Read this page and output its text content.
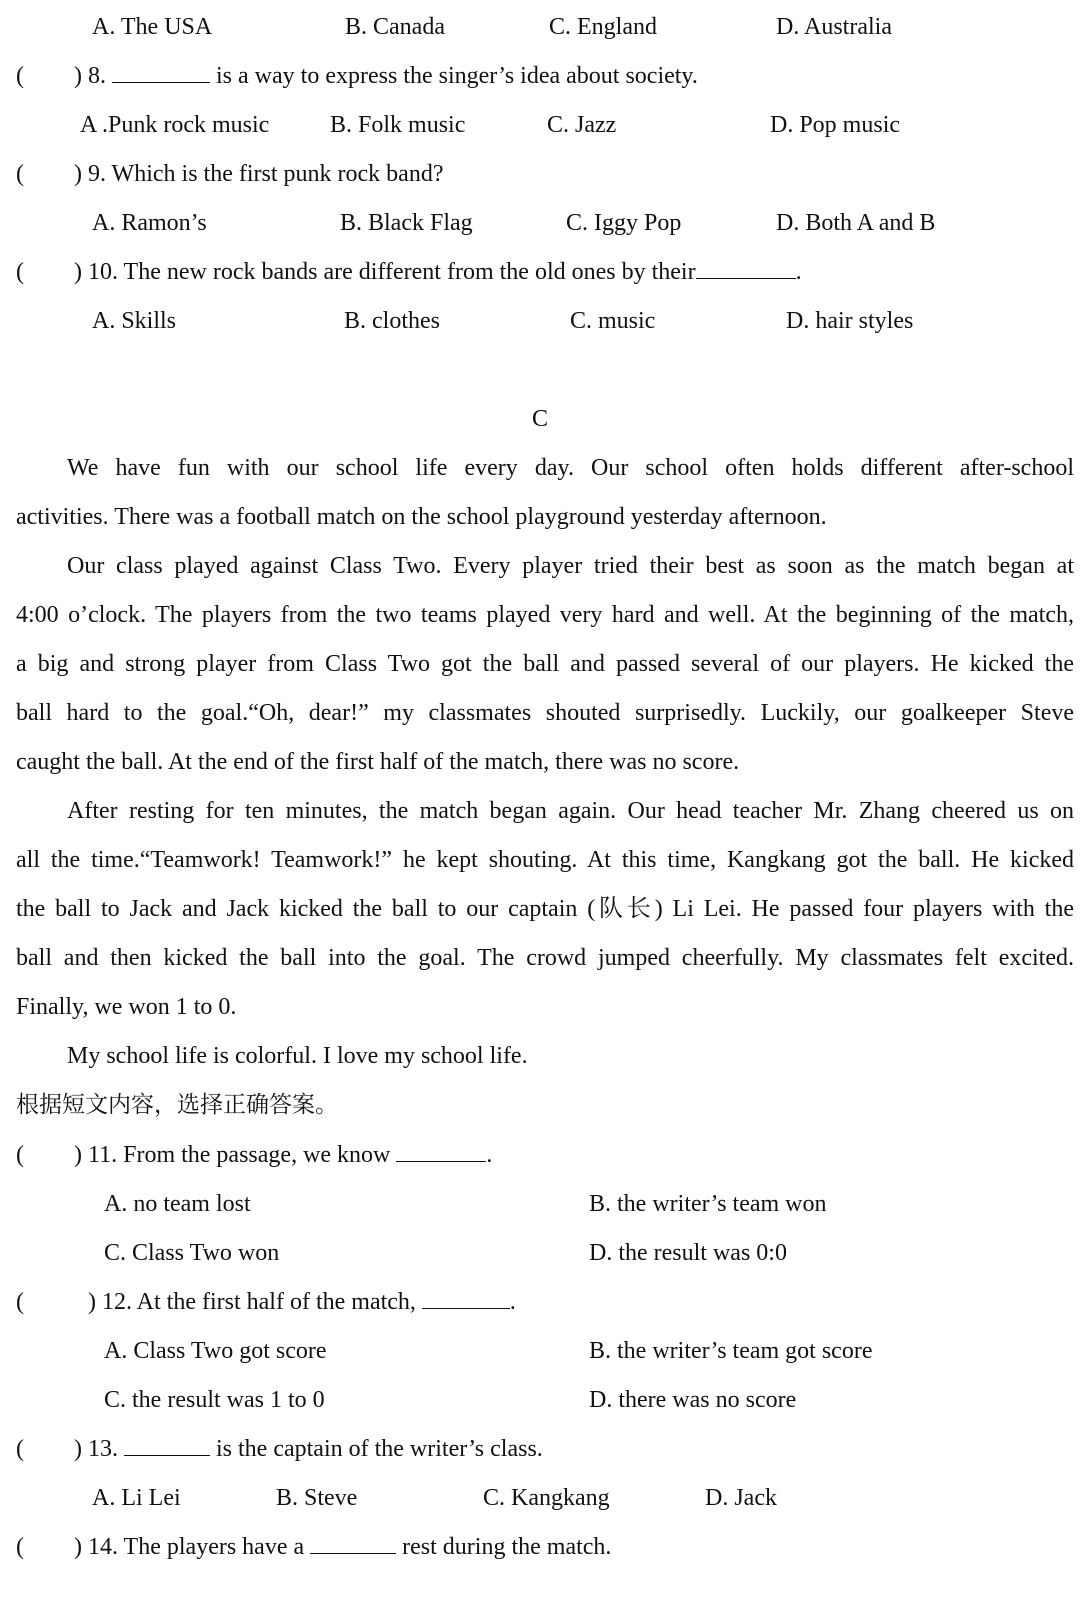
A. The USA	B. Canada	C. England	D. Australia
( ) 8.	is a way to express the singer’s idea about society.
A .Punk rock music	B. Folk music	C. Jazz	D. Pop music
( ) 9. Which is the first punk rock band?
A. Ramon’s	B. Black Flag	C. Iggy Pop	D. Both A and B
( ) 10. The new rock bands are different from the old ones by their	.
A. Skills	B. clothes	C. music	D. hair styles
C
We have fun with our school life every day. Our school often holds different after-school
activities. There was a football match on the school playground yesterday afternoon.
Our class played against Class Two. Every player tried their best as soon as the match began at
4:00 o’clock. The players from the two teams played very hard and well. At the beginning of the match,
a big and strong player from Class Two got the ball and passed several of our players. He kicked the
ball hard to the goal.“Oh, dear!” my classmates shouted surprisedly. Luckily, our goalkeeper Steve
caught the ball. At the end of the first half of the match, there was no score.
After resting for ten minutes, the match began again. Our head teacher Mr. Zhang cheered us on
all the time.“Teamwork! Teamwork!” he kept shouting. At this time, Kangkang got the ball. He kicked
the ball to Jack and Jack kicked the ball to our captain (队长) Li Lei. He passed four players with the
ball and then kicked the ball into the goal. The crowd jumped cheerfully. My classmates felt excited.
Finally, we won 1 to 0.
My school life is colorful. I love my school life.
根据短文内容，选择正确答案。
( ) 11. From the passage, we know	.
A. no team lost	B. the writer’s team won
C. Class Two won	D. the result was 0:0
(	) 12. At the first half of the match,	.
A. Class Two got score	B. the writer’s team got score
C. the result was 1 to 0	D. there was no score
( ) 13.	is the captain of the writer’s class.
A. Li Lei	B. Steve	C. Kangkang	D. Jack
( ) 14. The players have a	rest during the match.
